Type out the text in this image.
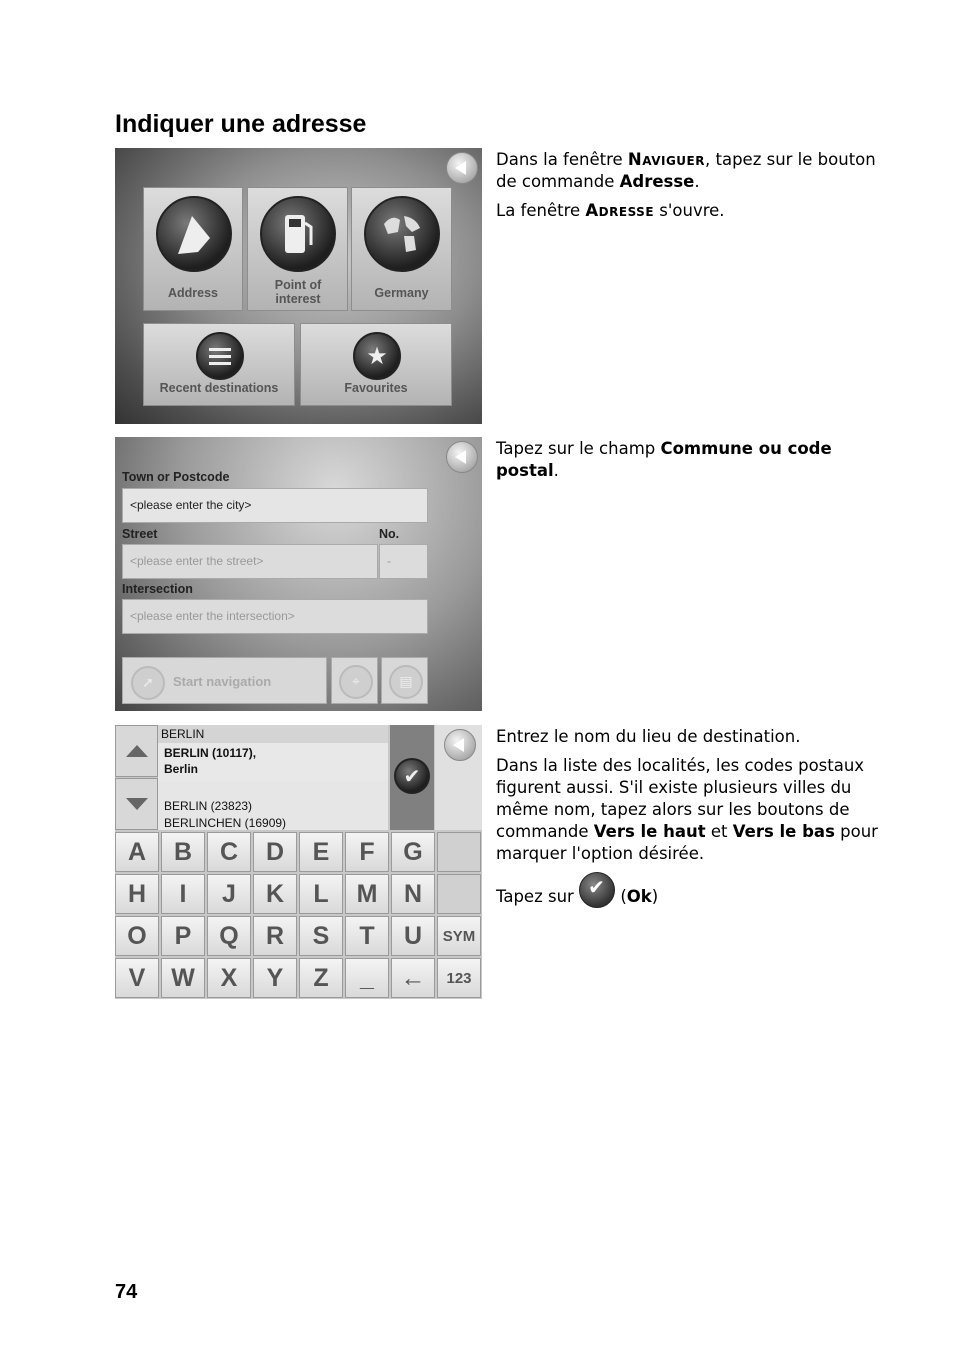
Indiquer une adresse
Address
Point of interest	Germany
Recent destinations
★
Favourites

Dans la fenêtre Naviguer, tapez sur le bouton de commande Adresse.

La fenêtre Adresse s'ouvre.

Town or Postcode
<please enter the city>
Street	No.
<please enter the street>	-
Intersection
<please enter the intersection>
➚	Start navigation	⌖	▤

Tapez sur le champ Commune ou code postal.

BERLIN
BERLIN (10117),
Berlin
BERLIN (23823)
BERLINCHEN (16909)
✔
A	B	C	D	E	F	G
H	I	J	K	L	M	N
O	P	Q	R	S	T	U	SYM
V	W	X	Y	Z	_	←	123

Entrez le nom du lieu de destination.

Dans la liste des localités, les codes postaux figurent aussi. S'il existe plusieurs villes du même nom, tapez alors sur les boutons de commande Vers le haut et Vers le bas pour marquer l'option désirée.

Tapez sur ✔ (Ok)

74
